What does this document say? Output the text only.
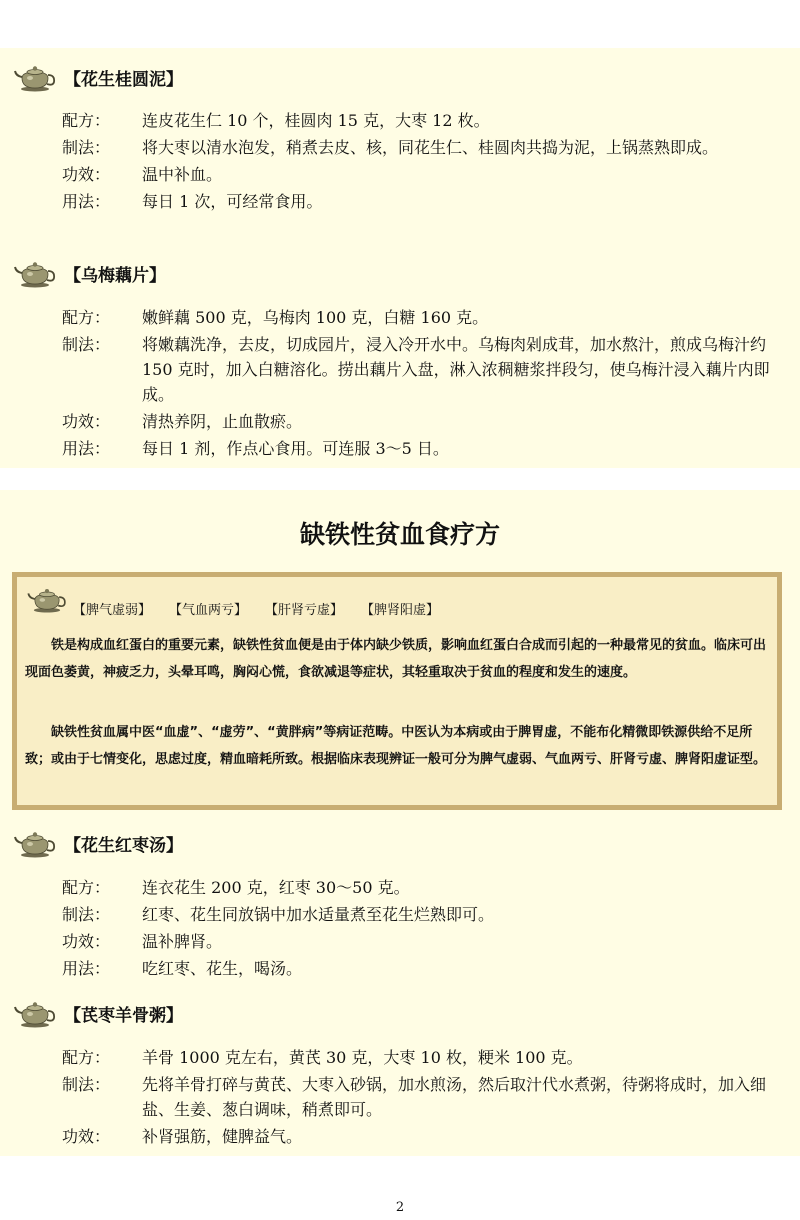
【花生桂圆泥】
配方：	连皮花生仁 10 个，桂圆肉 15 克，大枣 12 枚。
制法：	将大枣以清水泡发，稍煮去皮、核，同花生仁、桂圆肉共捣为泥，上锅蒸熟即成。
功效：	温中补血。
用法：	每日 1 次，可经常食用。
【乌梅藕片】
配方：	嫩鲜藕 500 克，乌梅肉 100 克，白糖 160 克。
制法：	将嫩藕洗净，去皮，切成园片，浸入冷开水中。乌梅肉剁成茸，加水熬汁，煎成乌梅汁约 150 克时，加入白糖溶化。捞出藕片入盘，淋入浓稠糖浆拌段匀，使乌梅汁浸入藕片内即成。
功效：	清热养阴，止血散瘀。
用法：	每日 1 剂，作点心食用。可连服 3～5 日。
缺铁性贫血食疗方
【脾气虚弱】 【气血两亏】 【肝肾亏虚】 【脾肾阳虚】
铁是构成血红蛋白的重要元素，缺铁性贫血便是由于体内缺少铁质，影响血红蛋白合成而引起的一种最常见的贫血。临床可出现面色萎黄，神疲乏力，头晕耳鸣，胸闷心慌，食欲减退等症状，其轻重取决于贫血的程度和发生的速度。
缺铁性贫血属中医“血虚”、“虚劳”、“黄胖病”等病证范畴。中医认为本病或由于脾胃虚，不能布化精微即铁源供给不足所致；或由于七情变化，思虑过度，精血暗耗所致。根据临床表现辨证一般可分为脾气虚弱、气血两亏、肝肾亏虚、脾肾阳虚证型。
【花生红枣汤】
配方：	连衣花生 200 克，红枣 30～50 克。
制法：	红枣、花生同放锅中加水适量煮至花生烂熟即可。
功效：	温补脾肾。
用法：	吃红枣、花生，喝汤。
【芪枣羊骨粥】
配方：	羊骨 1000 克左右，黄芪 30 克，大枣 10 枚，粳米 100 克。
制法：	先将羊骨打碎与黄芪、大枣入砂锅，加水煎汤，然后取汁代水煮粥，待粥将成时，加入细盐、生姜、葱白调味，稍煮即可。
功效：	补肾强筋，健脾益气。
2
